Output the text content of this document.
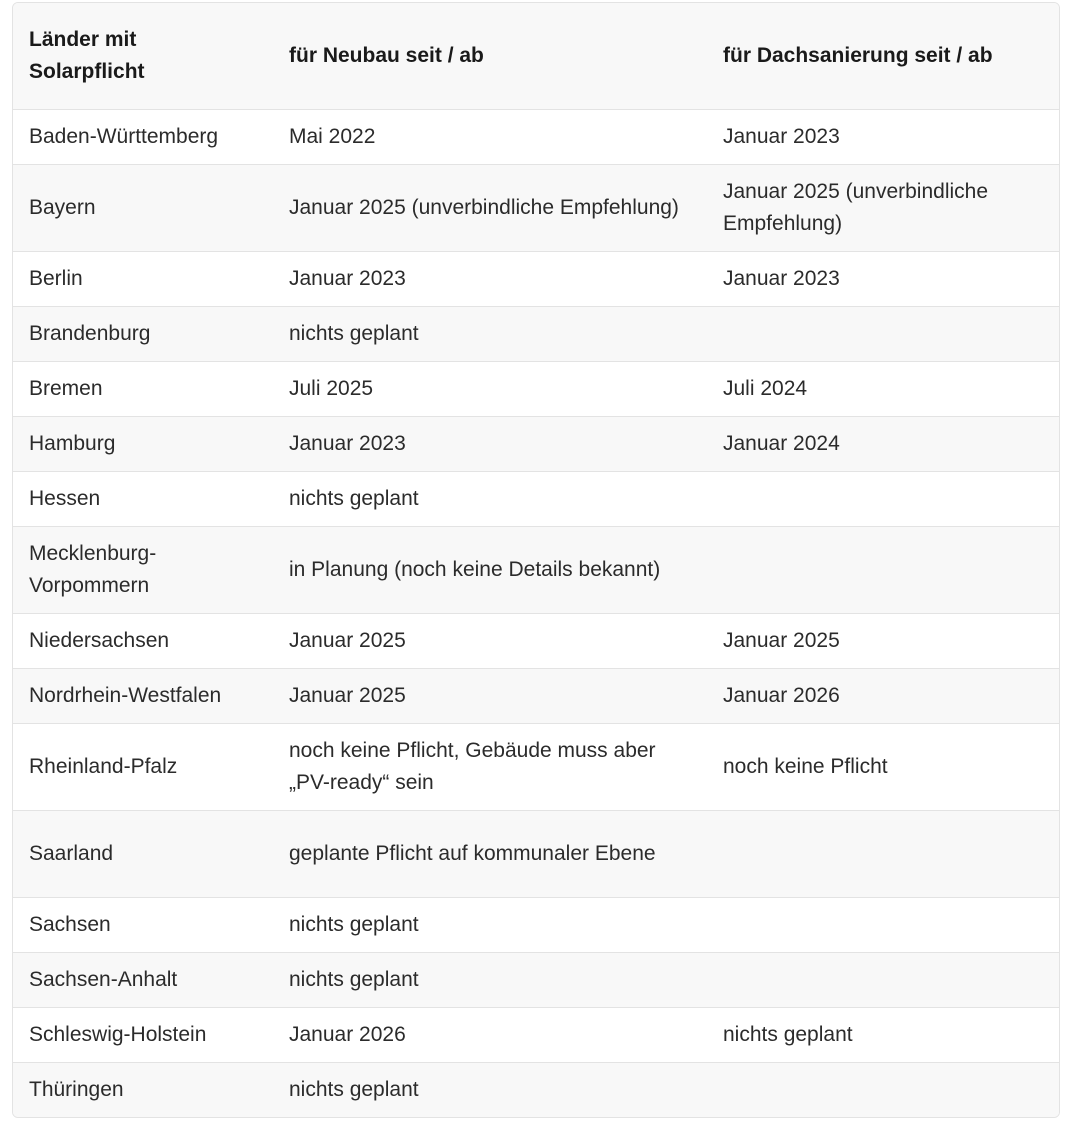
Länder mit Solarpflicht	für Neubau seit / ab	für Dachsanierung seit / ab
Baden-Württemberg	Mai 2022	Januar 2023
Bayern	Januar 2025 (unverbindliche Empfehlung)	Januar 2025 (unverbindliche Empfehlung)
Berlin	Januar 2023	Januar 2023
Brandenburg	nichts geplant	
Bremen	Juli 2025	Juli 2024
Hamburg	Januar 2023	Januar 2024
Hessen	nichts geplant	
Mecklenburg-Vorpommern	in Planung (noch keine Details bekannt)	
Niedersachsen	Januar 2025	Januar 2025
Nordrhein-Westfalen	Januar 2025	Januar 2026
Rheinland-Pfalz	noch keine Pflicht, Gebäude muss aber „PV-ready“ sein	noch keine Pflicht
Saarland	geplante Pflicht auf kommunaler Ebene	
Sachsen	nichts geplant	
Sachsen-Anhalt	nichts geplant	
Schleswig-Holstein	Januar 2026	nichts geplant
Thüringen	nichts geplant	
